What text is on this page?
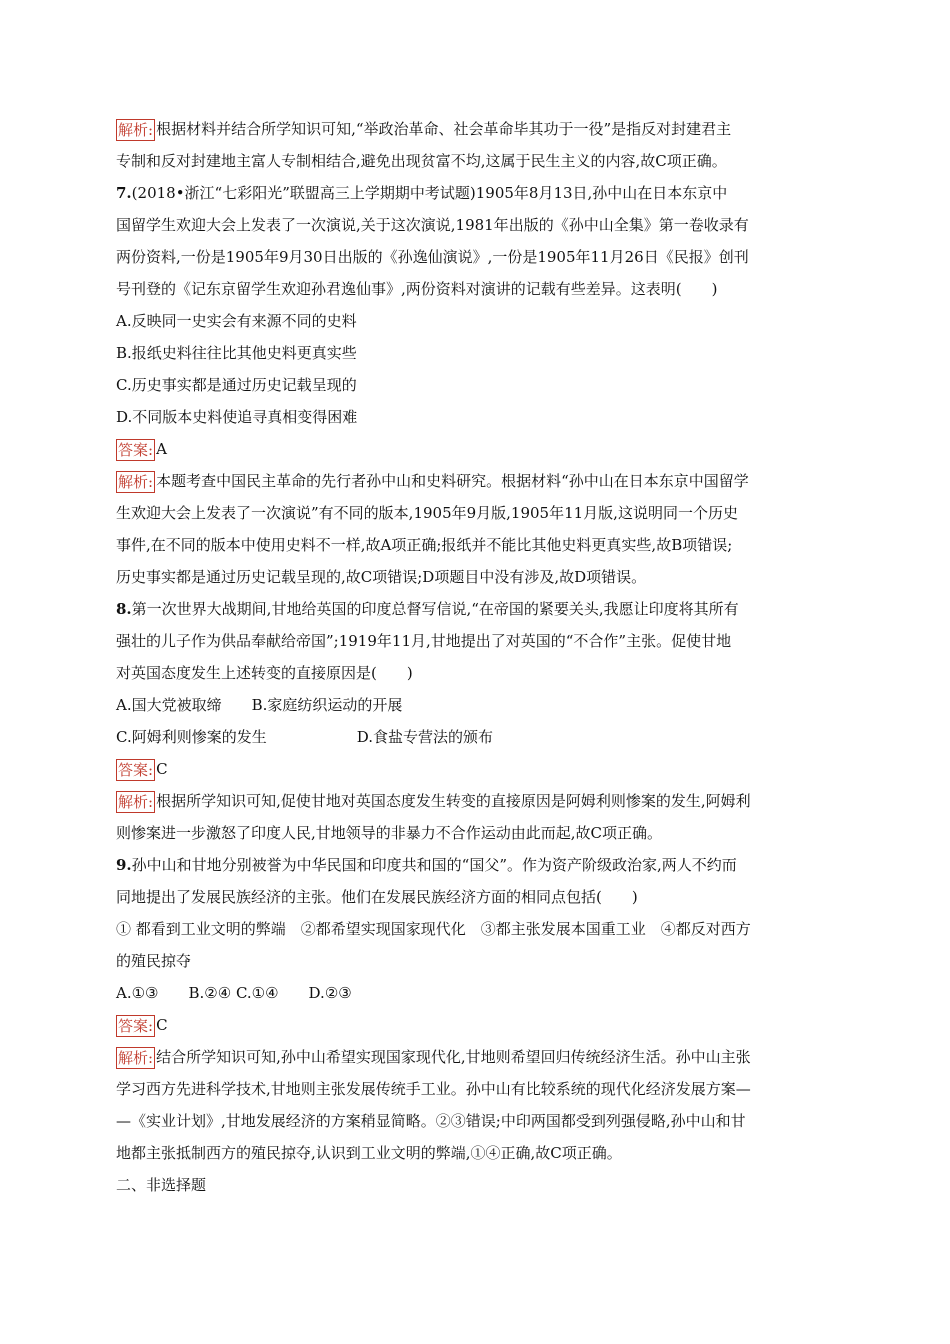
解析: 根据材料并结合所学知识可知,“举政治革命、社会革命毕其功于一役”是指反对封建君主
专制和反对封建地主富人专制相结合,避免出现贫富不均,这属于民生主义的内容,故C项正确。
7.(2018•浙江“七彩阳光”联盟高三上学期期中考试题)1905年8月13日,孙中山在日本东京中
国留学生欢迎大会上发表了一次演说,关于这次演说,1981年出版的《孙中山全集》第一卷收录有
两份资料,一份是1905年9月30日出版的《孙逸仙演说》,一份是1905年11月26日《民报》创刊
号刊登的《记东京留学生欢迎孙君逸仙事》,两份资料对演讲的记载有些差异。这表明(　　)
A.反映同一史实会有来源不同的史料
B.报纸史料往往比其他史料更真实些
C.历史事实都是通过历史记载呈现的
D.不同版本史料使追寻真相变得困难
答案: A
解析: 本题考查中国民主革命的先行者孙中山和史料研究。根据材料“孙中山在日本东京中国留学
生欢迎大会上发表了一次演说”有不同的版本,1905年9月版,1905年11月版,这说明同一个历史
事件,在不同的版本中使用史料不一样,故A项正确;报纸并不能比其他史料更真实些,故B项错误;
历史事实都是通过历史记载呈现的,故C项错误;D项题目中没有涉及,故D项错误。
8.第一次世界大战期间,甘地给英国的印度总督写信说,“在帝国的紧要关头,我愿让印度将其所有
强壮的儿子作为供品奉献给帝国”;1919年11月,甘地提出了对英国的“不合作”主张。促使甘地
对英国态度发生上述转变的直接原因是(　　)
A.国大党被取缔　　B.家庭纺织运动的开展
C.阿姆利则惨案的发生　　　　　　D.食盐专营法的颁布
答案: C
解析: 根据所学知识可知,促使甘地对英国态度发生转变的直接原因是阿姆利则惨案的发生,阿姆利
则惨案进一步激怒了印度人民,甘地领导的非暴力不合作运动由此而起,故C项正确。
9.孙中山和甘地分别被誉为中华民国和印度共和国的“国父”。作为资产阶级政治家,两人不约而
同地提出了发展民族经济的主张。他们在发展民族经济方面的相同点包括(　　)
① 都看到工业文明的弊端　②都希望实现国家现代化　③都主张发展本国重工业　④都反对西方
的殖民掠夺
A.①③　　B.②④ C.①④　　D.②③
答案: C
解析: 结合所学知识可知,孙中山希望实现国家现代化,甘地则希望回归传统经济生活。孙中山主张
学习西方先进科学技术,甘地则主张发展传统手工业。孙中山有比较系统的现代化经济发展方案—
—《实业计划》,甘地发展经济的方案稍显简略。②③错误;中印两国都受到列强侵略,孙中山和甘
地都主张抵制西方的殖民掠夺,认识到工业文明的弊端,①④正确,故C项正确。
二、非选择题
